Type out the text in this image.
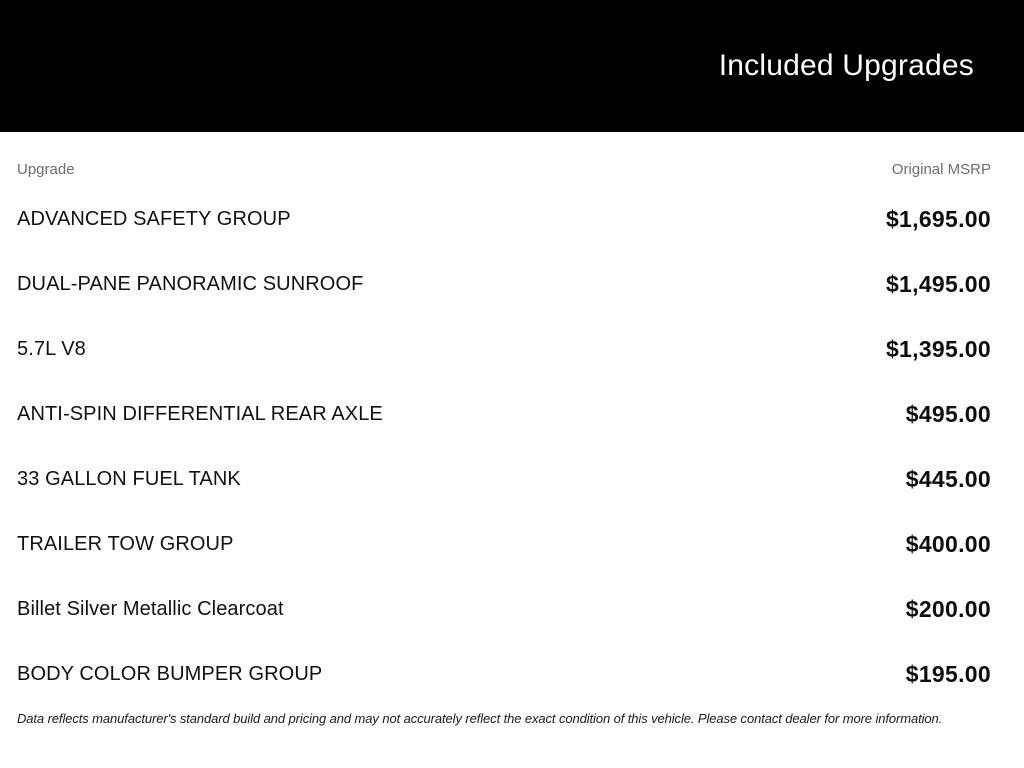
Included Upgrades
Upgrade	Original MSRP
ADVANCED SAFETY GROUP	$1,695.00
DUAL-PANE PANORAMIC SUNROOF	$1,495.00
5.7L V8	$1,395.00
ANTI-SPIN DIFFERENTIAL REAR AXLE	$495.00
33 GALLON FUEL TANK	$445.00
TRAILER TOW GROUP	$400.00
Billet Silver Metallic Clearcoat	$200.00
BODY COLOR BUMPER GROUP	$195.00
Data reflects manufacturer's standard build and pricing and may not accurately reflect the exact condition of this vehicle. Please contact dealer for more information.
